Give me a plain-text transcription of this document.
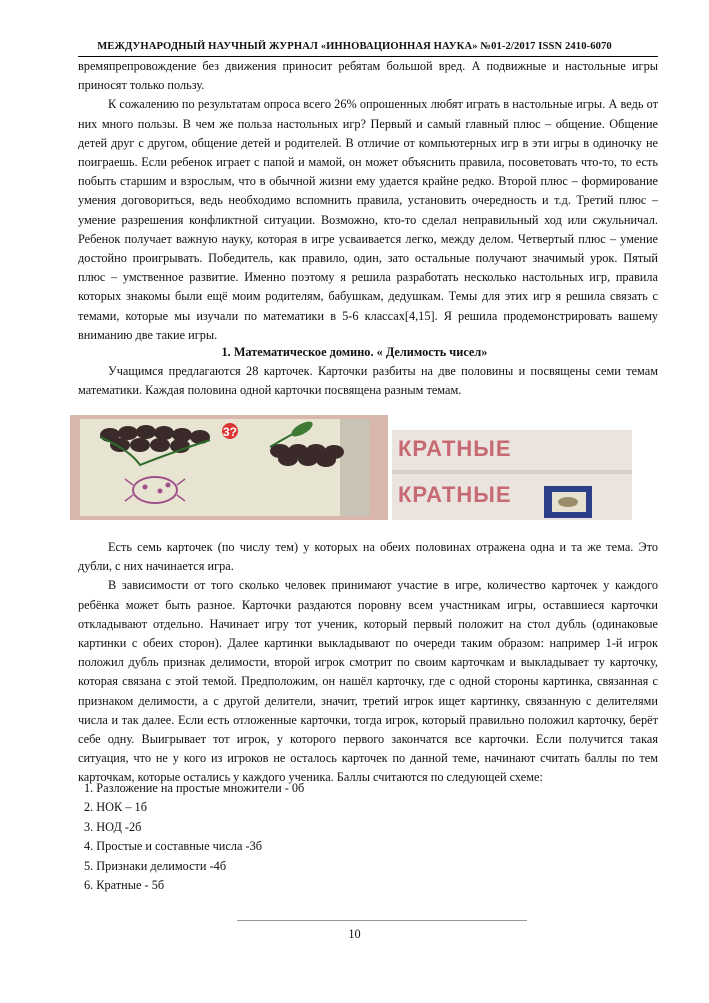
МЕЖДУНАРОДНЫЙ НАУЧНЫЙ ЖУРНАЛ «ИННОВАЦИОННАЯ НАУКА» №01-2/2017 ISSN 2410-6070

времяпрепровождение без движения приносит ребятам большой вред. А подвижные и настольные игры приносят только пользу.

К сожалению по результатам опроса всего 26% опрошенных любят играть в настольные игры. А ведь от них много пользы. В чем же польза настольных игр? Первый и самый главный плюс – общение. Общение детей друг с другом, общение детей и родителей. В отличие от компьютерных игр в эти игры в одиночку не поиграешь. Если ребенок играет с папой и мамой, он может объяснить правила, посоветовать что-то, то есть побыть старшим и взрослым, что в обычной жизни ему удается крайне редко. Второй плюс – формирование умения договориться, ведь необходимо вспомнить правила, установить очередность и т.д. Третий плюс – умение разрешения конфликтной ситуации. Возможно, кто-то сделал неправильный ход или сжульничал. Ребенок получает важную науку, которая в игре усваивается легко, между делом. Четвертый плюс – умение достойно проигрывать. Победитель, как правило, один, зато остальные получают значимый урок. Пятый плюс – умственное развитие. Именно поэтому я решила разработать несколько настольных игр, правила которых знакомы были ещё моим родителям, бабушкам, дедушкам. Темы для этих игр я решила связать с темами, которые мы изучали по математики в 5-6 классах[4,15]. Я решила продемонстрировать вашему вниманию две такие игры.

1. Математическое домино. « Делимость чисел»

Учащимся предлагаются 28 карточек. Карточки разбиты на две половины и посвящены семи темам математики. Каждая половина одной карточки посвящена разным темам.

3?
КРАТНЫЕ
КРАТНЫЕ

Есть семь карточек (по числу тем) у которых на обеих половинах отражена одна и та же тема. Это дубли, с них начинается игра.

В зависимости от того сколько человек принимают участие в игре, количество карточек у каждого ребёнка может быть разное. Карточки раздаются поровну всем участникам игры, оставшиеся карточки откладывают отдельно. Начинает игру тот ученик, который первый положит на стол дубль (одинаковые картинки с обеих сторон). Далее картинки выкладывают по очереди таким образом: например 1-й игрок положил дубль признак делимости, второй игрок смотрит по своим карточкам и выкладывает ту карточку, которая связана с этой темой. Предположим, он нашёл карточку, где с одной стороны картинка, связанная с признаком делимости, а с другой делители, значит, третий игрок ищет картинку, связанную с делителями числа и так далее. Если есть отложенные карточки, тогда игрок, который правильно положил карточку, берёт себе одну. Выигрывает тот игрок, у которого первого закончатся все карточки. Если получится такая ситуация, что не у кого из игроков не осталось карточек по данной теме, начинают считать баллы по тем карточкам, которые остались у каждого ученика. Баллы считаются по следующей схеме:

1. Разложение на простые множители - 0б
2. НОК – 1б
3. НОД -2б
4. Простые и составные числа -3б
5. Признаки делимости -4б
6. Кратные - 5б
10
